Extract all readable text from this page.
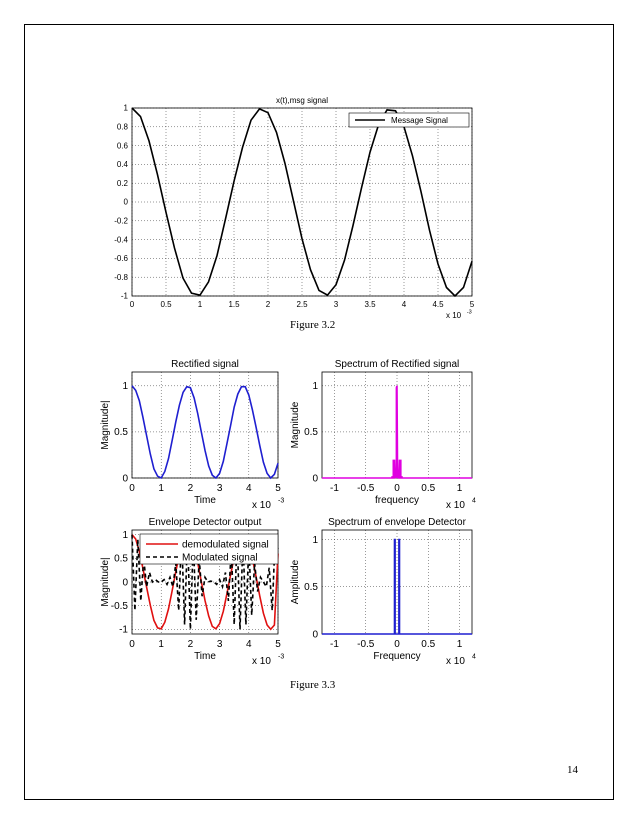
0	0.5	1	1.5	2	2.5	3	3.5	4	4.5	5
1
0.8
0.6
0.4
0.2
0
-0.2
-0.4
-0.6
-0.8
-1
x(t),msg signal
x 10 -3
Message Signal
0 1 2 3 4 5
1
0.5
0
Rectified signal
Time
Magnitude|
x 10 -3
-1 -0.5 0 0.5 1
1
0.5
0
Spectrum of Rectified signal
frequency
Magnitude
x 10 4
0 1 2 3 4 5
1
0.5
0
-0.5
-1
Envelope Detector output
Time
Magnitude|
x 10 -3
demodulated signal
Modulated signal
-1 -0.5 0 0.5 1
1
0.5
0
Spectrum of envelope Detector
Frequency
Amplitude
x 10 4
Figure 3.2
Figure 3.3
14
